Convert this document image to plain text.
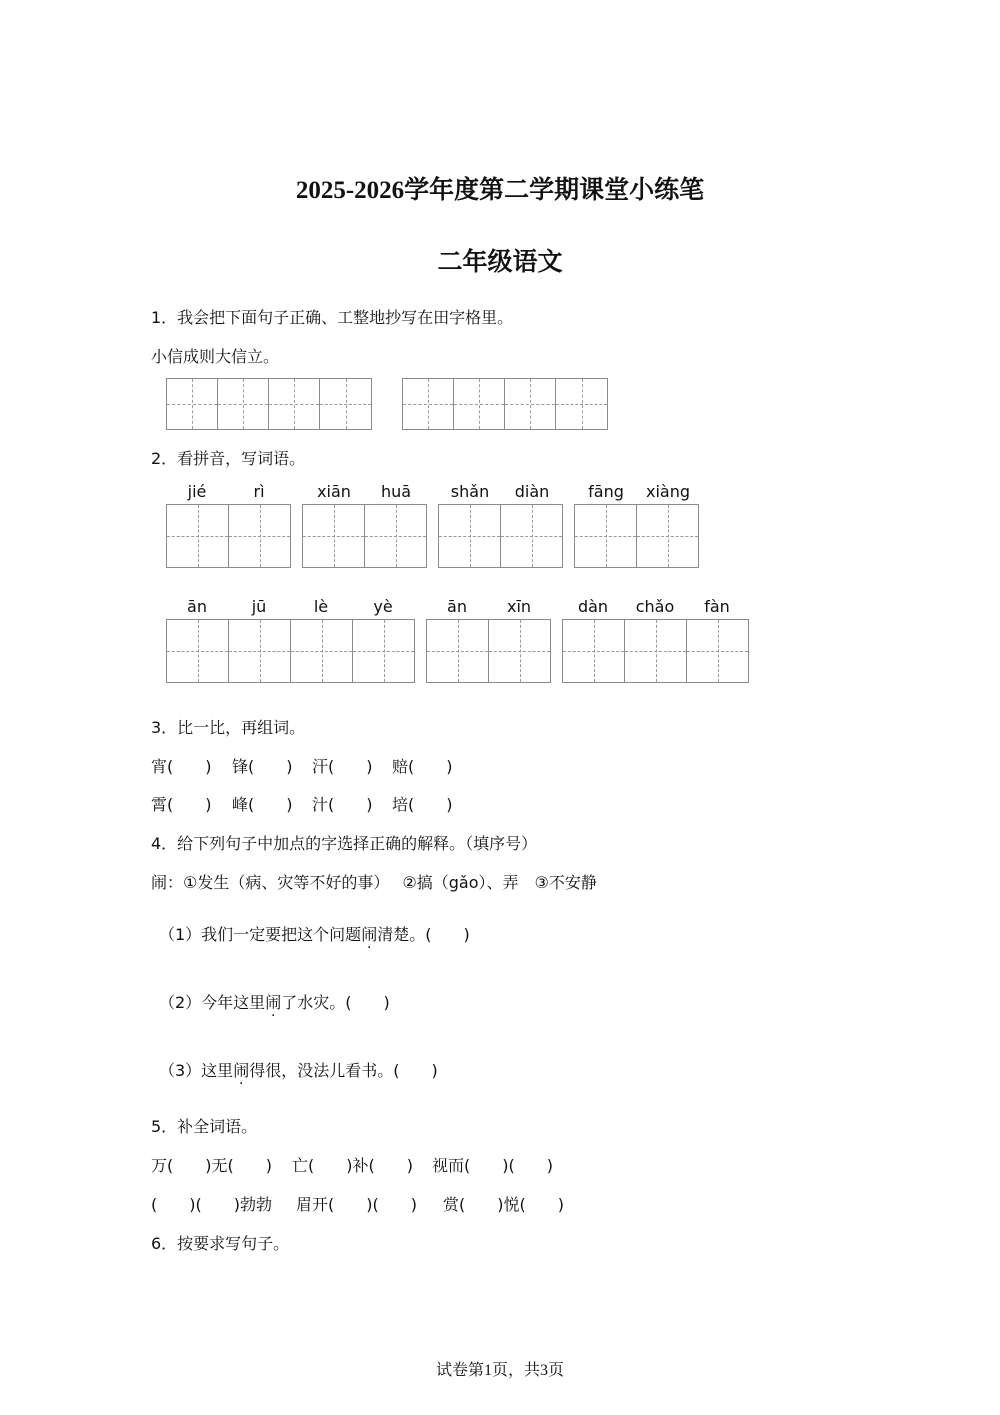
2025-2026学年度第二学期课堂小练笔
二年级语文
1．我会把下面句子正确、工整地抄写在田字格里。
小信成则大信立。
2．看拼音，写词语。
jié	rì	xiān	huā	shǎn	diàn	fāng	xiàng
ān	jū	lè	yè	ān	xīn	dàn	chǎo	fàn
3．比一比，再组词。
宵(　　) 锋(　　) 汗(　　) 赔(　　)
霄(　　) 峰(　　) 汁(　　) 培(　　)
4．给下列句子中加点的字选择正确的解释。（填序号）
闹：①发生（病、灾等不好的事）　 ②搞（gǎo）、弄　③不安静
（1）我们一定要把这个问题闹清楚。(　　)
（2）今年这里闹了水灾。(　　)
（3）这里闹得很，没法儿看书。(　　)
5．补全词语。
万(　　)无(　　) 亡(　　)补(　　) 视而(　　)(　　)
(　　)(　　)勃勃 眉开(　　)(　　) 赏(　　)悦(　　)
6．按要求写句子。
试卷第1页，共3页
